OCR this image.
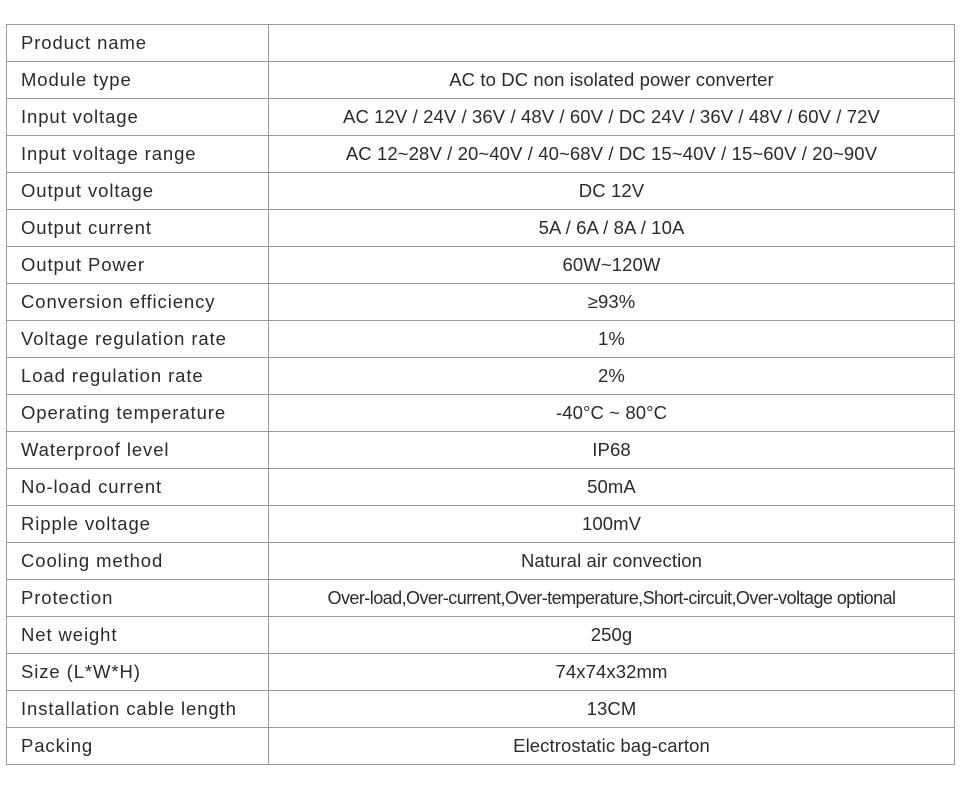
Product name	
Module type	AC to DC non isolated power converter
Input voltage	AC 12V / 24V / 36V / 48V / 60V / DC 24V / 36V / 48V / 60V / 72V
Input voltage range	AC 12~28V / 20~40V / 40~68V / DC 15~40V / 15~60V / 20~90V
Output voltage	DC 12V
Output current	5A / 6A / 8A / 10A
Output Power	60W~120W
Conversion efficiency	≥93%
Voltage regulation rate	1%
Load regulation rate	2%
Operating temperature	-40°C ~ 80°C
Waterproof level	IP68
No-load current	50mA
Ripple voltage	100mV
Cooling method	Natural air convection
Protection	Over-load,Over-current,Over-temperature,Short-circuit,Over-voltage optional
Net weight	250g
Size (L*W*H)	74x74x32mm
Installation cable length	13CM
Packing	Electrostatic bag-carton
